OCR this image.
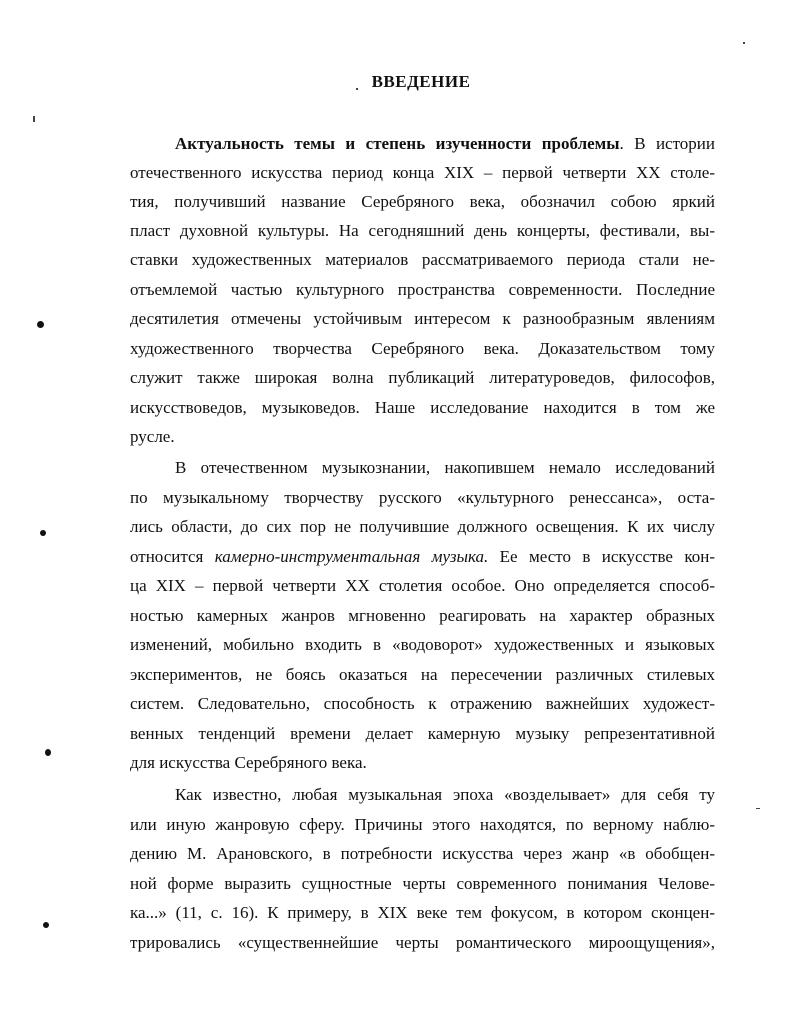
ВВЕДЕНИЕ
Актуальность темы и степень изученности проблемы. В истории
отечественного искусства период конца XIX – первой четверти XX столе-
тия, получивший название Серебряного века, обозначил собою яркий
пласт духовной культуры. На сегодняшний день концерты, фестивали, вы-
ставки художественных материалов рассматриваемого периода стали не-
отъемлемой частью культурного пространства современности. Последние
десятилетия отмечены устойчивым интересом к разнообразным явлениям
художественного творчества Серебряного века. Доказательством тому
служит также широкая волна публикаций литературоведов, философов,
искусствоведов, музыковедов. Наше исследование находится в том же
русле.
В отечественном музыкознании, накопившем немало исследований
по музыкальному творчеству русского «культурного ренессанса», оста-
лись области, до сих пор не получившие должного освещения. К их числу
относится камерно-инструментальная музыка. Ее место в искусстве кон-
ца XIX – первой четверти XX столетия особое. Оно определяется способ-
ностью камерных жанров мгновенно реагировать на характер образных
изменений, мобильно входить в «водоворот» художественных и языковых
экспериментов, не боясь оказаться на пересечении различных стилевых
систем. Следовательно, способность к отражению важнейших художест-
венных тенденций времени делает камерную музыку репрезентативной
для искусства Серебряного века.
Как известно, любая музыкальная эпоха «возделывает» для себя ту
или иную жанровую сферу. Причины этого находятся, по верному наблю-
дению М. Арановского, в потребности искусства через жанр «в обобщен-
ной форме выразить сущностные черты современного понимания Челове-
ка...» (11, с. 16). К примеру, в XIX веке тем фокусом, в котором сконцен-
трировались «существеннейшие черты романтического мироощущения»,
